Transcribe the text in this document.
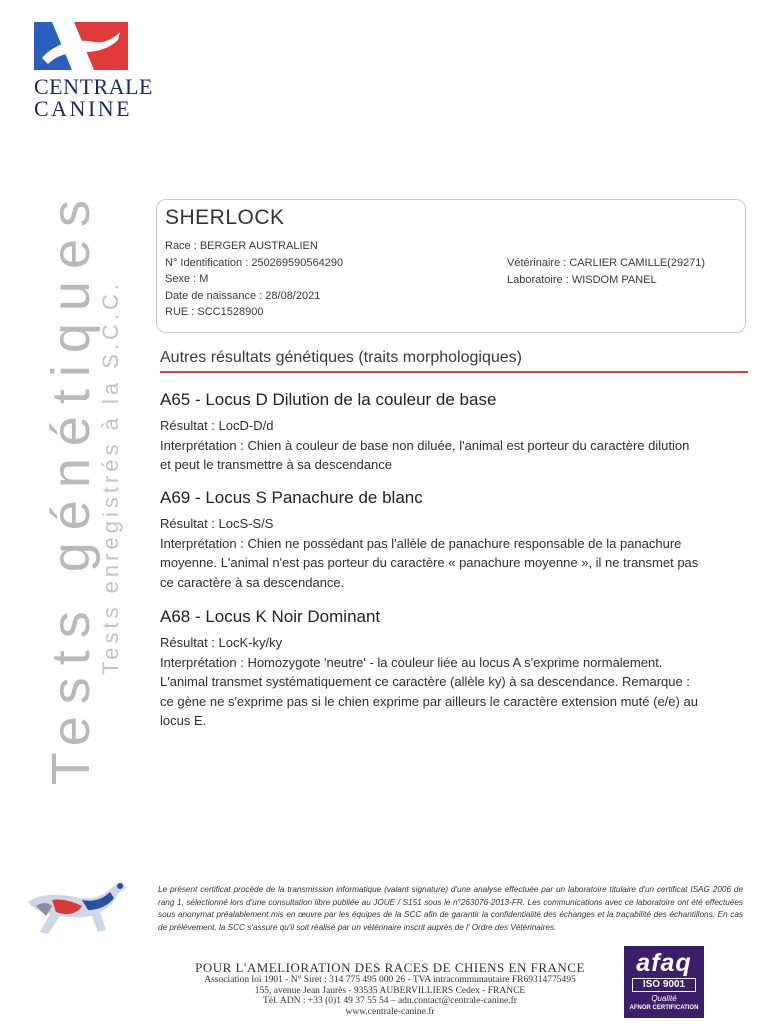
CENTRALE
CANINE
Tests génétiques
Tests enregistrés à la S.C.C.
SHERLOCK
Race : BERGER AUSTRALIEN
N° Identification : 250269590564290
Sexe : M
Date de naissance : 28/08/2021
RUE : SCC1528900
Vétérinaire : CARLIER CAMILLE(29271)
Laboratoire : WISDOM PANEL
Autres résultats génétiques (traits morphologiques)
A65 - Locus D Dilution de la couleur de base
Résultat : LocD-D/d
Interprétation : Chien à couleur de base non diluée, l'animal est porteur du caractère dilution
et peut le transmettre à sa descendance
A69 - Locus S Panachure de blanc
Résultat : LocS-S/S
Interprétation : Chien ne possédant pas l'allèle de panachure responsable de la panachure
moyenne. L'animal n'est pas porteur du caractère « panachure moyenne », il ne transmet pas
ce caractère à sa descendance.
A68 - Locus K Noir Dominant
Résultat : LocK-ky/ky
Interprétation : Homozygote 'neutre' - la couleur liée au locus A s'exprime normalement.
L'animal transmet systématiquement ce caractère (allèle ky) à sa descendance. Remarque :
ce gène ne s'exprime pas si le chien exprime par ailleurs le caractère extension muté (e/e) au
locus E.
Le présent certificat procède de la transmission informatique (valant signature) d'une analyse effectuée par un laboratoire titulaire d'un certificat ISAG 2006 de rang 1, sélectionné lors d'une consultation libre publiée au JOUE / S151 sous le n°263076-2013-FR. Les communications avec ce laboratoire ont été effectuées sous anonymat préalablement mis en œuvre par les équipes de la SCC afin de garantir la confidentialité des échanges et la traçabilité des échantillons. En cas de prélèvement, la SCC s'assure qu'il soit réalisé par un vétérinaire inscrit auprès de l' Ordre des Vétérinaires.
POUR L'AMELIORATION DES RACES DE CHIENS EN FRANCE
Association loi 1901 - N° Siret : 314 775 495 000 26 - TVA intracommunautaire FR69314775495
155, avenue Jean Jaurès - 93535 AUBERVILLIERS Cedex - FRANCE
Tél. ADN : +33 (0)1 49 37 55 54 – adn.contact@centrale-canine.fr
www.centrale-canine.fr
afaq
ISO 9001
Qualité
AFNOR CERTIFICATION
